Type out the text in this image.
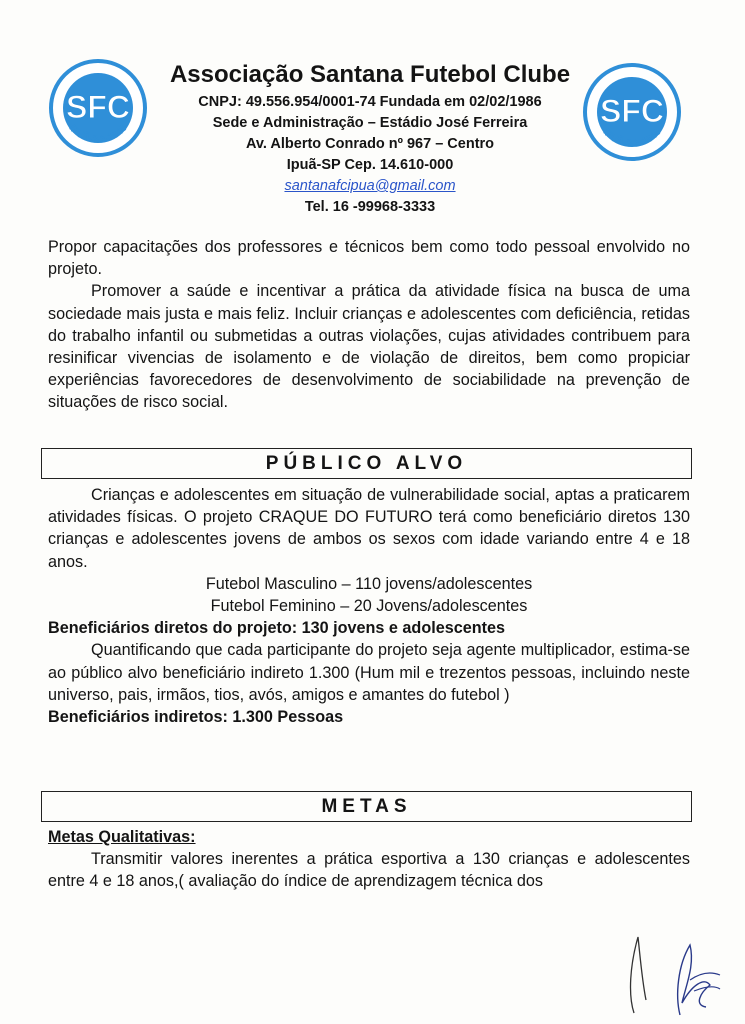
SFC
IPUÃ-2-2-1946	SFC
IPUÃ-2-2-1946

Associação Santana Futebol Clube

CNPJ: 49.556.954/0001-74 Fundada em 02/02/1986

Sede e Administração – Estádio José Ferreira

Av. Alberto Conrado nº 967 – Centro

Ipuã-SP Cep. 14.610-000

santanafcipua@gmail.com

Tel. 16 -99968-3333

Propor capacitações dos professores e técnicos bem como todo pessoal envolvido no projeto.

Promover a saúde e incentivar a prática da atividade física na busca de uma sociedade mais justa e mais feliz. Incluir crianças e adolescentes com deficiência, retidas do trabalho infantil ou submetidas a outras violações, cujas atividades contribuem para resinificar vivencias de isolamento e de violação de direitos, bem como propiciar experiências favorecedores de desenvolvimento de sociabilidade na prevenção de situações de risco social.

PÚBLICO ALVO

Crianças e adolescentes em situação de vulnerabilidade social, aptas a praticarem atividades físicas. O projeto CRAQUE DO FUTURO terá como beneficiário diretos 130 crianças e adolescentes jovens de ambos os sexos com idade variando entre 4 e 18 anos.

Futebol Masculino – 110 jovens/adolescentes

Futebol Feminino – 20 Jovens/adolescentes

Beneficiários diretos do projeto: 130 jovens e adolescentes

Quantificando que cada participante do projeto seja agente multiplicador, estima-se ao público alvo beneficiário indireto 1.300 (Hum mil e trezentos pessoas, incluindo neste universo, pais, irmãos, tios, avós, amigos e amantes do futebol )

Beneficiários indiretos: 1.300 Pessoas

METAS

Metas Qualitativas:

Transmitir valores inerentes a prática esportiva a 130 crianças e adolescentes entre 4 e 18 anos,( avaliação do índice de aprendizagem técnica dos
